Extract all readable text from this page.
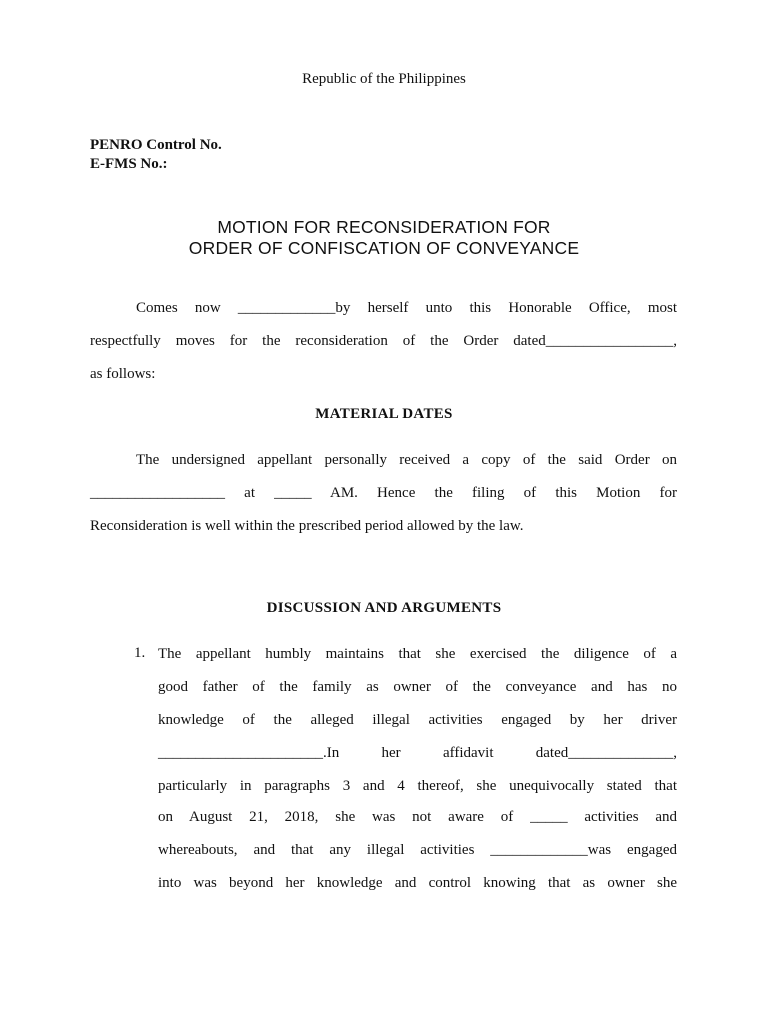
Republic of the Philippines
PENRO Control No.
E-FMS No.:
MOTION FOR RECONSIDERATION FOR
ORDER OF CONFISCATION OF CONVEYANCE
Comes now _____________by herself unto this Honorable Office, most
respectfully moves for the reconsideration of the Order dated_________________,
as follows:
MATERIAL DATES
The undersigned appellant personally received a copy of the said Order on
__________________ at _____ AM. Hence the filing of this Motion for
Reconsideration is well within the prescribed period allowed by the law.
DISCUSSION AND ARGUMENTS
1. The appellant humbly maintains that she exercised the diligence of a
good father of the family as owner of the conveyance and has no
knowledge of the alleged illegal activities engaged by her driver
______________________.In her affidavit dated______________,
particularly in paragraphs 3 and 4 thereof, she unequivocally stated that
on August 21, 2018, she was not aware of _____ activities and
whereabouts, and that any illegal activities _____________was engaged
into was beyond her knowledge and control knowing that as owner she
